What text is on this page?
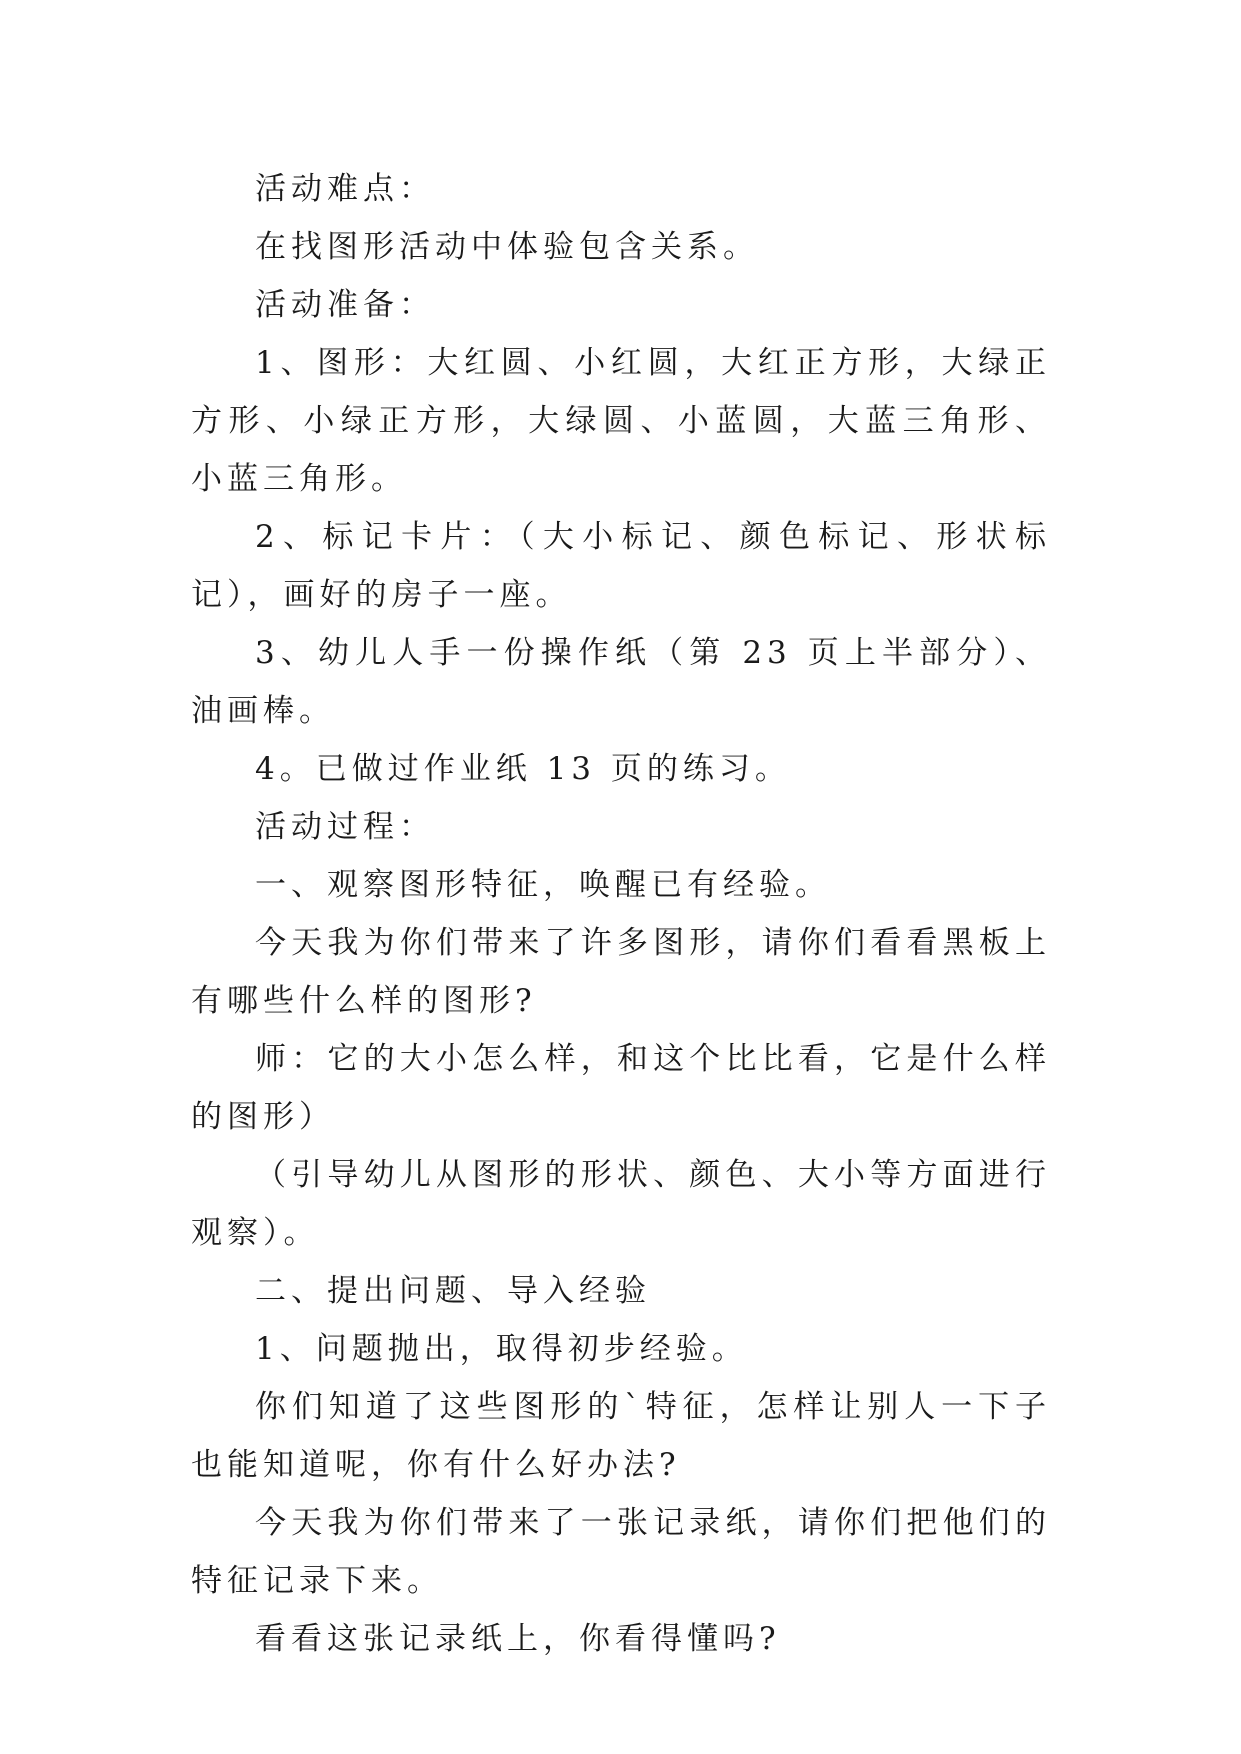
活动难点：

在找图形活动中体验包含关系。

活动准备：

1、图形：大红圆、小红圆，大红正方形，大绿正方形、小绿正方形，大绿圆、小蓝圆，大蓝三角形、小蓝三角形。

2、标记卡片：（大小标记、颜色标记、形状标记），画好的房子一座。

3、幼儿人手一份操作纸（第 23 页上半部分）、油画棒。

4。已做过作业纸 13 页的练习。

活动过程：

一、观察图形特征，唤醒已有经验。

今天我为你们带来了许多图形，请你们看看黑板上有哪些什么样的图形?

师：它的大小怎么样，和这个比比看，它是什么样的图形）

（引导幼儿从图形的形状、颜色、大小等方面进行观察）。

二、提出问题、导入经验

1、问题抛出，取得初步经验。

你们知道了这些图形的`特征，怎样让别人一下子也能知道呢，你有什么好办法?

今天我为你们带来了一张记录纸，请你们把他们的特征记录下来。

看看这张记录纸上，你看得懂吗?
